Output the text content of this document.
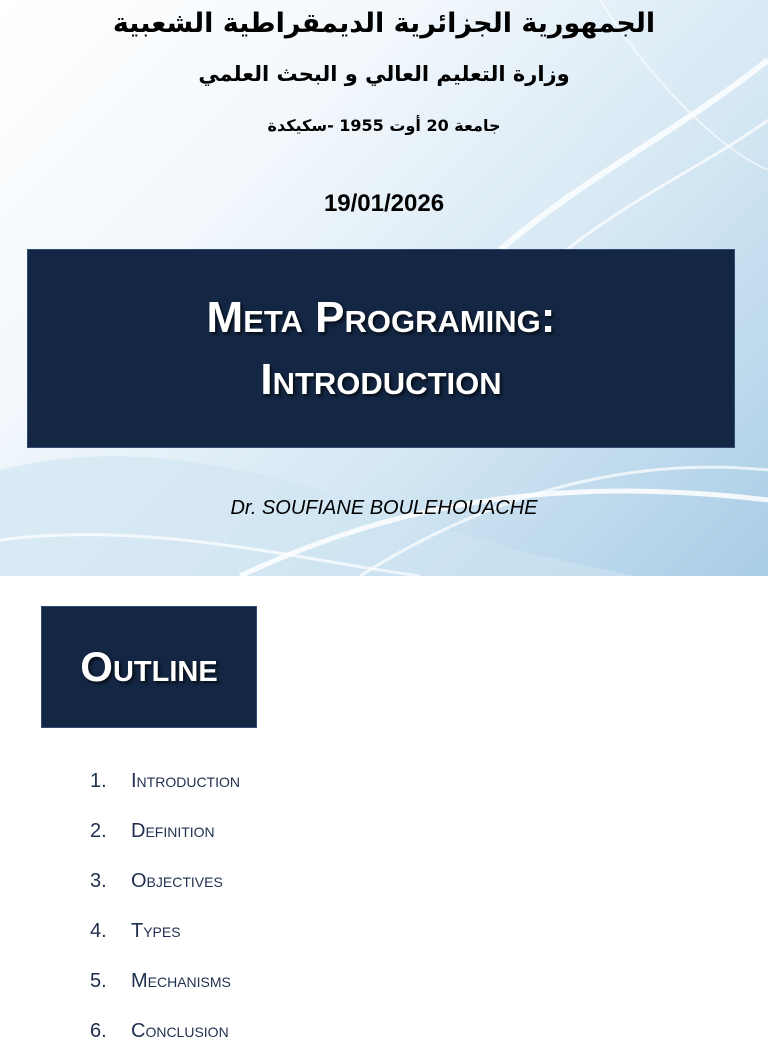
الجمهورية الجزائرية الديمقراطية الشعبية
وزارة التعليم العالي و البحث العلمي
جامعة 20 أوت 1955 -سكيكدة
19/01/2026
Meta Programing:
Introduction
Dr. SOUFIANE BOULEHOUACHE
Outline
1.	Introduction
2.	Definition
3.	Objectives
4.	Types
5.	Mechanisms
6.	Conclusion
